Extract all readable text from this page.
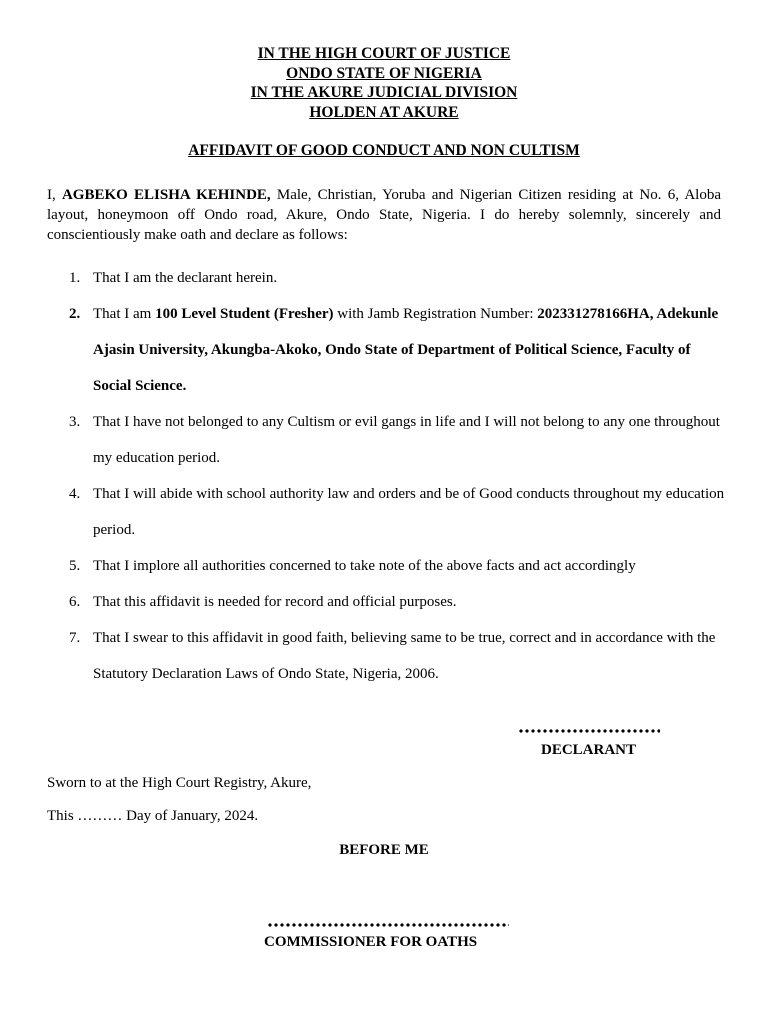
IN THE HIGH COURT OF JUSTICE
ONDO STATE OF NIGERIA
IN THE AKURE JUDICIAL DIVISION
HOLDEN AT AKURE
AFFIDAVIT OF GOOD CONDUCT AND NON CULTISM
I, AGBEKO ELISHA KEHINDE, Male, Christian, Yoruba and Nigerian Citizen residing at No. 6, Aloba layout, honeymoon off Ondo road, Akure, Ondo State, Nigeria. I do hereby solemnly, sincerely and conscientiously make oath and declare as follows:
1. That I am the declarant herein.
2. That I am 100 Level Student (Fresher) with Jamb Registration Number: 202331278166HA, Adekunle Ajasin University, Akungba-Akoko, Ondo State of Department of Political Science, Faculty of Social Science.
3. That I have not belonged to any Cultism or evil gangs in life and I will not belong to any one throughout my education period.
4. That I will abide with school authority law and orders and be of Good conducts throughout my education period.
5. That I implore all authorities concerned to take note of the above facts and act accordingly
6. That this affidavit is needed for record and official purposes.
7. That I swear to this affidavit in good faith, believing same to be true, correct and in accordance with the Statutory Declaration Laws of Ondo State, Nigeria, 2006.
DECLARANT
Sworn to at the High Court Registry, Akure,
This ……… Day of January, 2024.
BEFORE ME
COMMISSIONER FOR OATHS
